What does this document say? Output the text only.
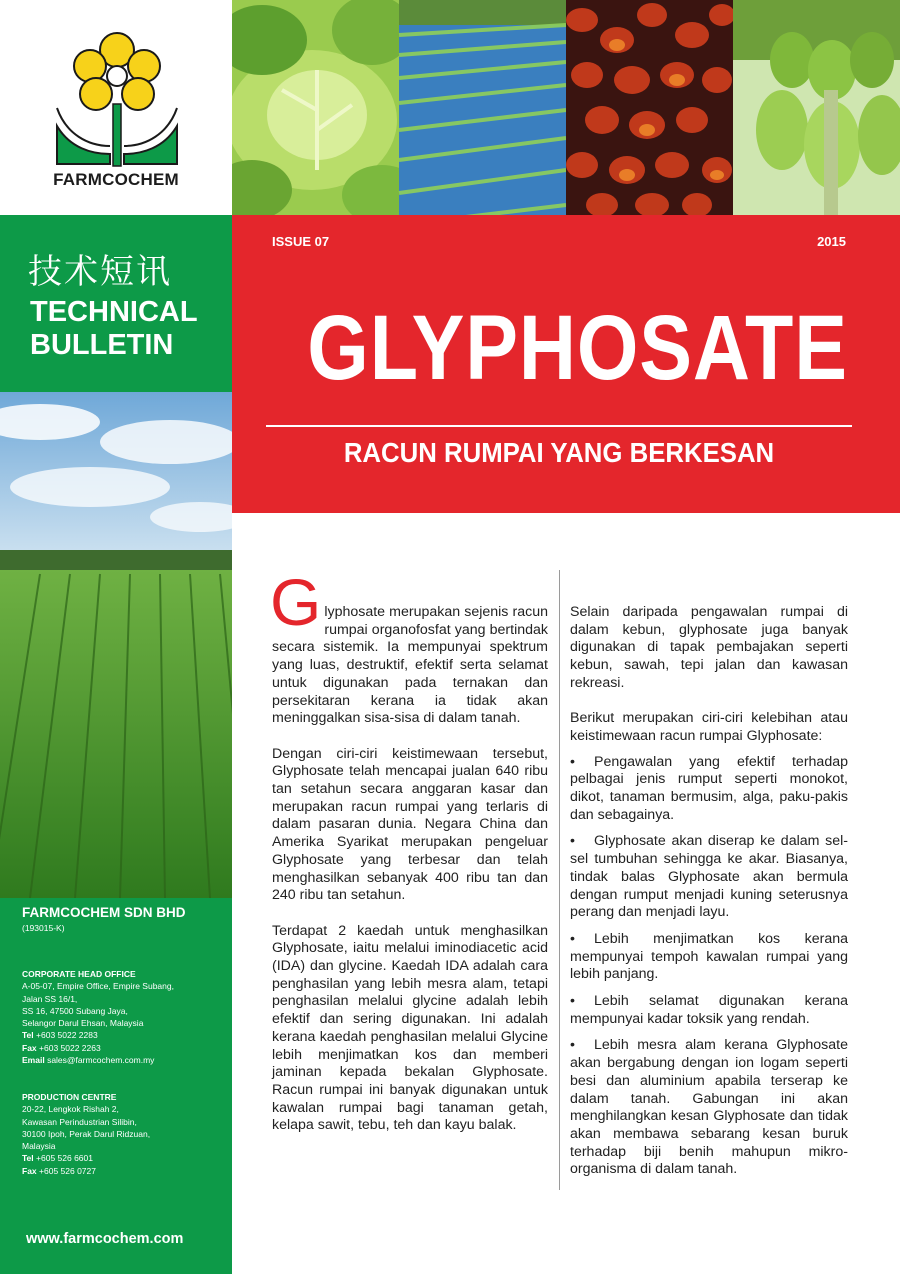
FARMCOCHEM
技术短讯
TECHNICAL
BULLETIN
FARMCOCHEM SDN BHD
(193015-K)
CORPORATE HEAD OFFICE
A-05-07, Empire Office, Empire Subang,
Jalan SS 16/1,
SS 16, 47500 Subang Jaya,
Selangor Darul Ehsan, Malaysia
Tel +603 5022 2283
Fax +603 5022 2263
Email sales@farmcochem.com.my
PRODUCTION CENTRE
20-22, Lengkok Rishah 2,
Kawasan Perindustrian Silibin,
30100 Ipoh, Perak Darul Ridzuan,
Malaysia
Tel +605 526 6601
Fax +605 526 0727
www.farmcochem.com
ISSUE 07	2015
GLYPHOSATE
RACUN RUMPAI YANG BERKESAN

Glyphosate merupakan sejenis racun rumpai organofosfat yang bertindak secara sistemik. Ia mempunyai spektrum yang luas, destruktif, efektif serta selamat untuk digunakan pada ternakan dan persekitaran kerana ia tidak akan meninggalkan sisa-sisa di dalam tanah.

Dengan ciri-ciri keistimewaan tersebut, Glyphosate telah mencapai jualan 640 ribu tan setahun secara anggaran kasar dan merupakan racun rumpai yang terlaris di dalam pasaran dunia. Negara China dan Amerika Syarikat merupakan pengeluar Glyphosate yang terbesar dan telah menghasilkan sebanyak 400 ribu tan dan 240 ribu tan setahun.

Terdapat 2 kaedah untuk menghasilkan Glyphosate, iaitu melalui iminodiacetic acid (IDA) dan glycine. Kaedah IDA adalah cara penghasilan yang lebih mesra alam, tetapi penghasilan melalui glycine adalah lebih efektif dan sering digunakan. Ini adalah kerana kaedah penghasilan melalui Glycine lebih menjimatkan kos dan memberi jaminan kepada bekalan Glyphosate. Racun rumpai ini banyak digunakan untuk kawalan rumpai bagi tanaman getah, kelapa sawit, tebu, teh dan kayu balak.

Selain daripada pengawalan rumpai di dalam kebun, glyphosate juga banyak digunakan di tapak pembajakan seperti kebun, sawah, tepi jalan dan kawasan rekreasi.

Berikut merupakan ciri-ciri kelebihan atau keistimewaan racun rumpai Glyphosate:

• Pengawalan yang efektif terhadap pelbagai jenis rumput seperti monokot, dikot, tanaman bermusim, alga, paku-pakis dan sebagainya.
• Glyphosate akan diserap ke dalam sel-sel tumbuhan sehingga ke akar. Biasanya, tindak balas Glyphosate akan bermula dengan rumput menjadi kuning seterusnya perang dan menjadi layu.
• Lebih menjimatkan kos kerana mempunyai tempoh kawalan rumpai yang lebih panjang.
• Lebih selamat digunakan kerana mempunyai kadar toksik yang rendah.
• Lebih mesra alam kerana Glyphosate akan bergabung dengan ion logam seperti besi dan aluminium apabila terserap ke dalam tanah. Gabungan ini akan menghilangkan kesan Glyphosate dan tidak akan membawa sebarang kesan buruk terhadap biji benih mahupun mikro-organisma di dalam tanah.
